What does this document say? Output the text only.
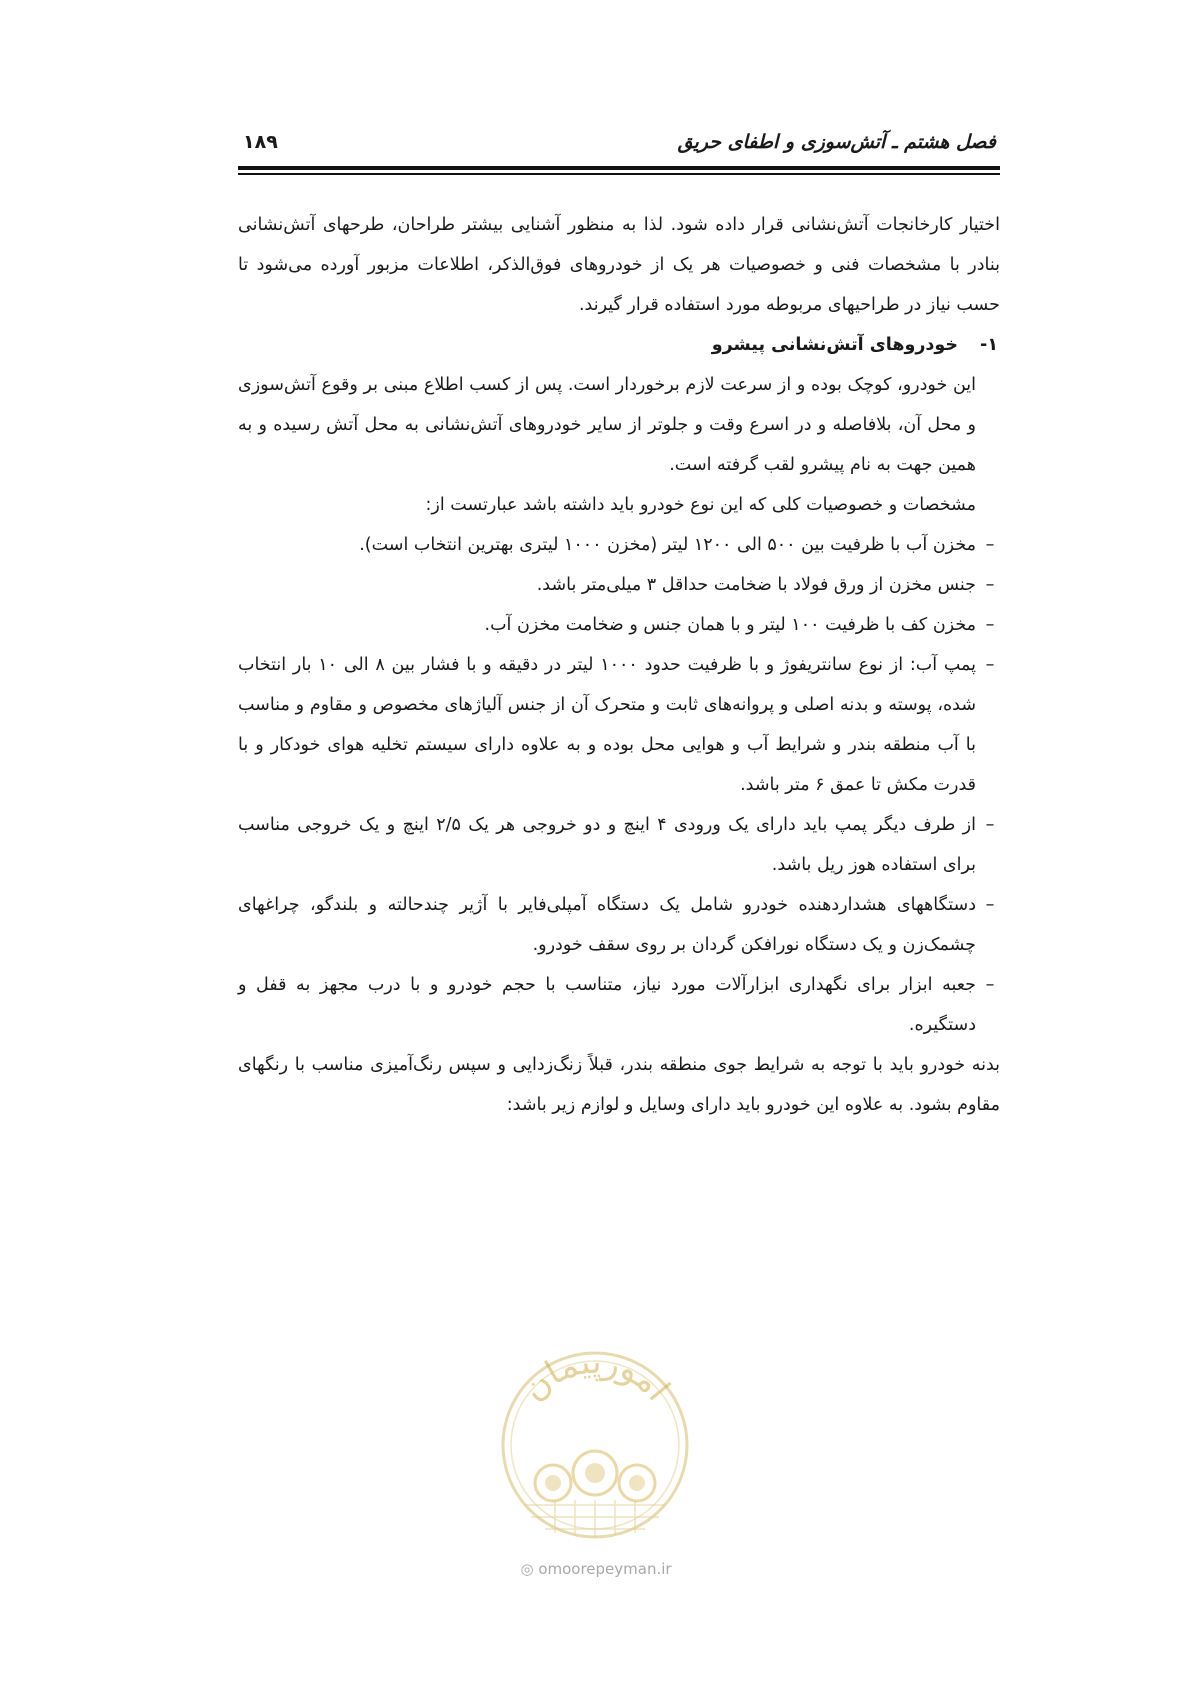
فصل هشتم ـ آتش‌سوزی و اطفای حریق
۱۸۹

اختیار کارخانجات آتش‌نشانی قرار داده شود. لذا به منظور آشنایی بیشتر طراحان، طرحهای آتش‌نشانی بنادر با مشخصات فنی و خصوصیات هر یک از خودروهای فوق‌الذکر، اطلاعات مزبور آورده می‌شود تا حسب نیاز در طراحیهای مربوطه مورد استفاده قرار گیرند.

۱-خودروهای آتش‌نشانی پیشرو

این خودرو، کوچک بوده و از سرعت لازم برخوردار است. پس از کسب اطلاع مبنی بر وقوع آتش‌سوزی و محل آن، بلافاصله و در اسرع وقت و جلوتر از سایر خودروهای آتش‌نشانی به محل آتش رسیده و به همین جهت به نام پیشرو لقب گرفته است.

مشخصات و خصوصیات کلی که این نوع خودرو باید داشته باشد عبارتست از:

–
مخزن آب با ظرفیت بین ۵۰۰ الی ۱۲۰۰ لیتر (مخزن ۱۰۰۰ لیتری بهترین انتخاب است).
–
جنس مخزن از ورق فولاد با ضخامت حداقل ۳ میلی‌متر باشد.
–
مخزن کف با ظرفیت ۱۰۰ لیتر و با همان جنس و ضخامت مخزن آب.
–
پمپ آب: از نوع سانتریفوژ و با ظرفیت حدود ۱۰۰۰ لیتر در دقیقه و با فشار بین ۸ الی ۱۰ بار انتخاب شده، پوسته و بدنه اصلی و پروانه‌های ثابت و متحرک آن از جنس آلیاژهای مخصوص و مقاوم و مناسب با آب منطقه بندر و شرایط آب و هوایی محل بوده و به علاوه دارای سیستم تخلیه هوای خودکار و با قدرت مکش تا عمق ۶ متر باشد.
–
از طرف دیگر پمپ باید دارای یک ورودی ۴ اینچ و دو خروجی هر یک ۲/۵ اینچ و یک خروجی مناسب برای استفاده هوز ریل باشد.
–
دستگاههای هشداردهنده خودرو شامل یک دستگاه آمپلی‌فایر با آژیر چندحالته و بلندگو، چراغهای چشمک‌زن و یک دستگاه نورافکن گردان بر روی سقف خودرو.
–
جعبه ابزار برای نگهداری ابزارآلات مورد نیاز، متناسب با حجم خودرو و با درب مجهز به قفل و دستگیره.

بدنه خودرو باید با توجه به شرایط جوی منطقه بندر، قبلاً زنگ‌زدایی و سپس رنگ‌آمیزی مناسب با رنگهای مقاوم بشود. به علاوه این خودرو باید دارای وسایل و لوازم زیر باشد:

امورپیمان
◎ omoorepeyman.ir
